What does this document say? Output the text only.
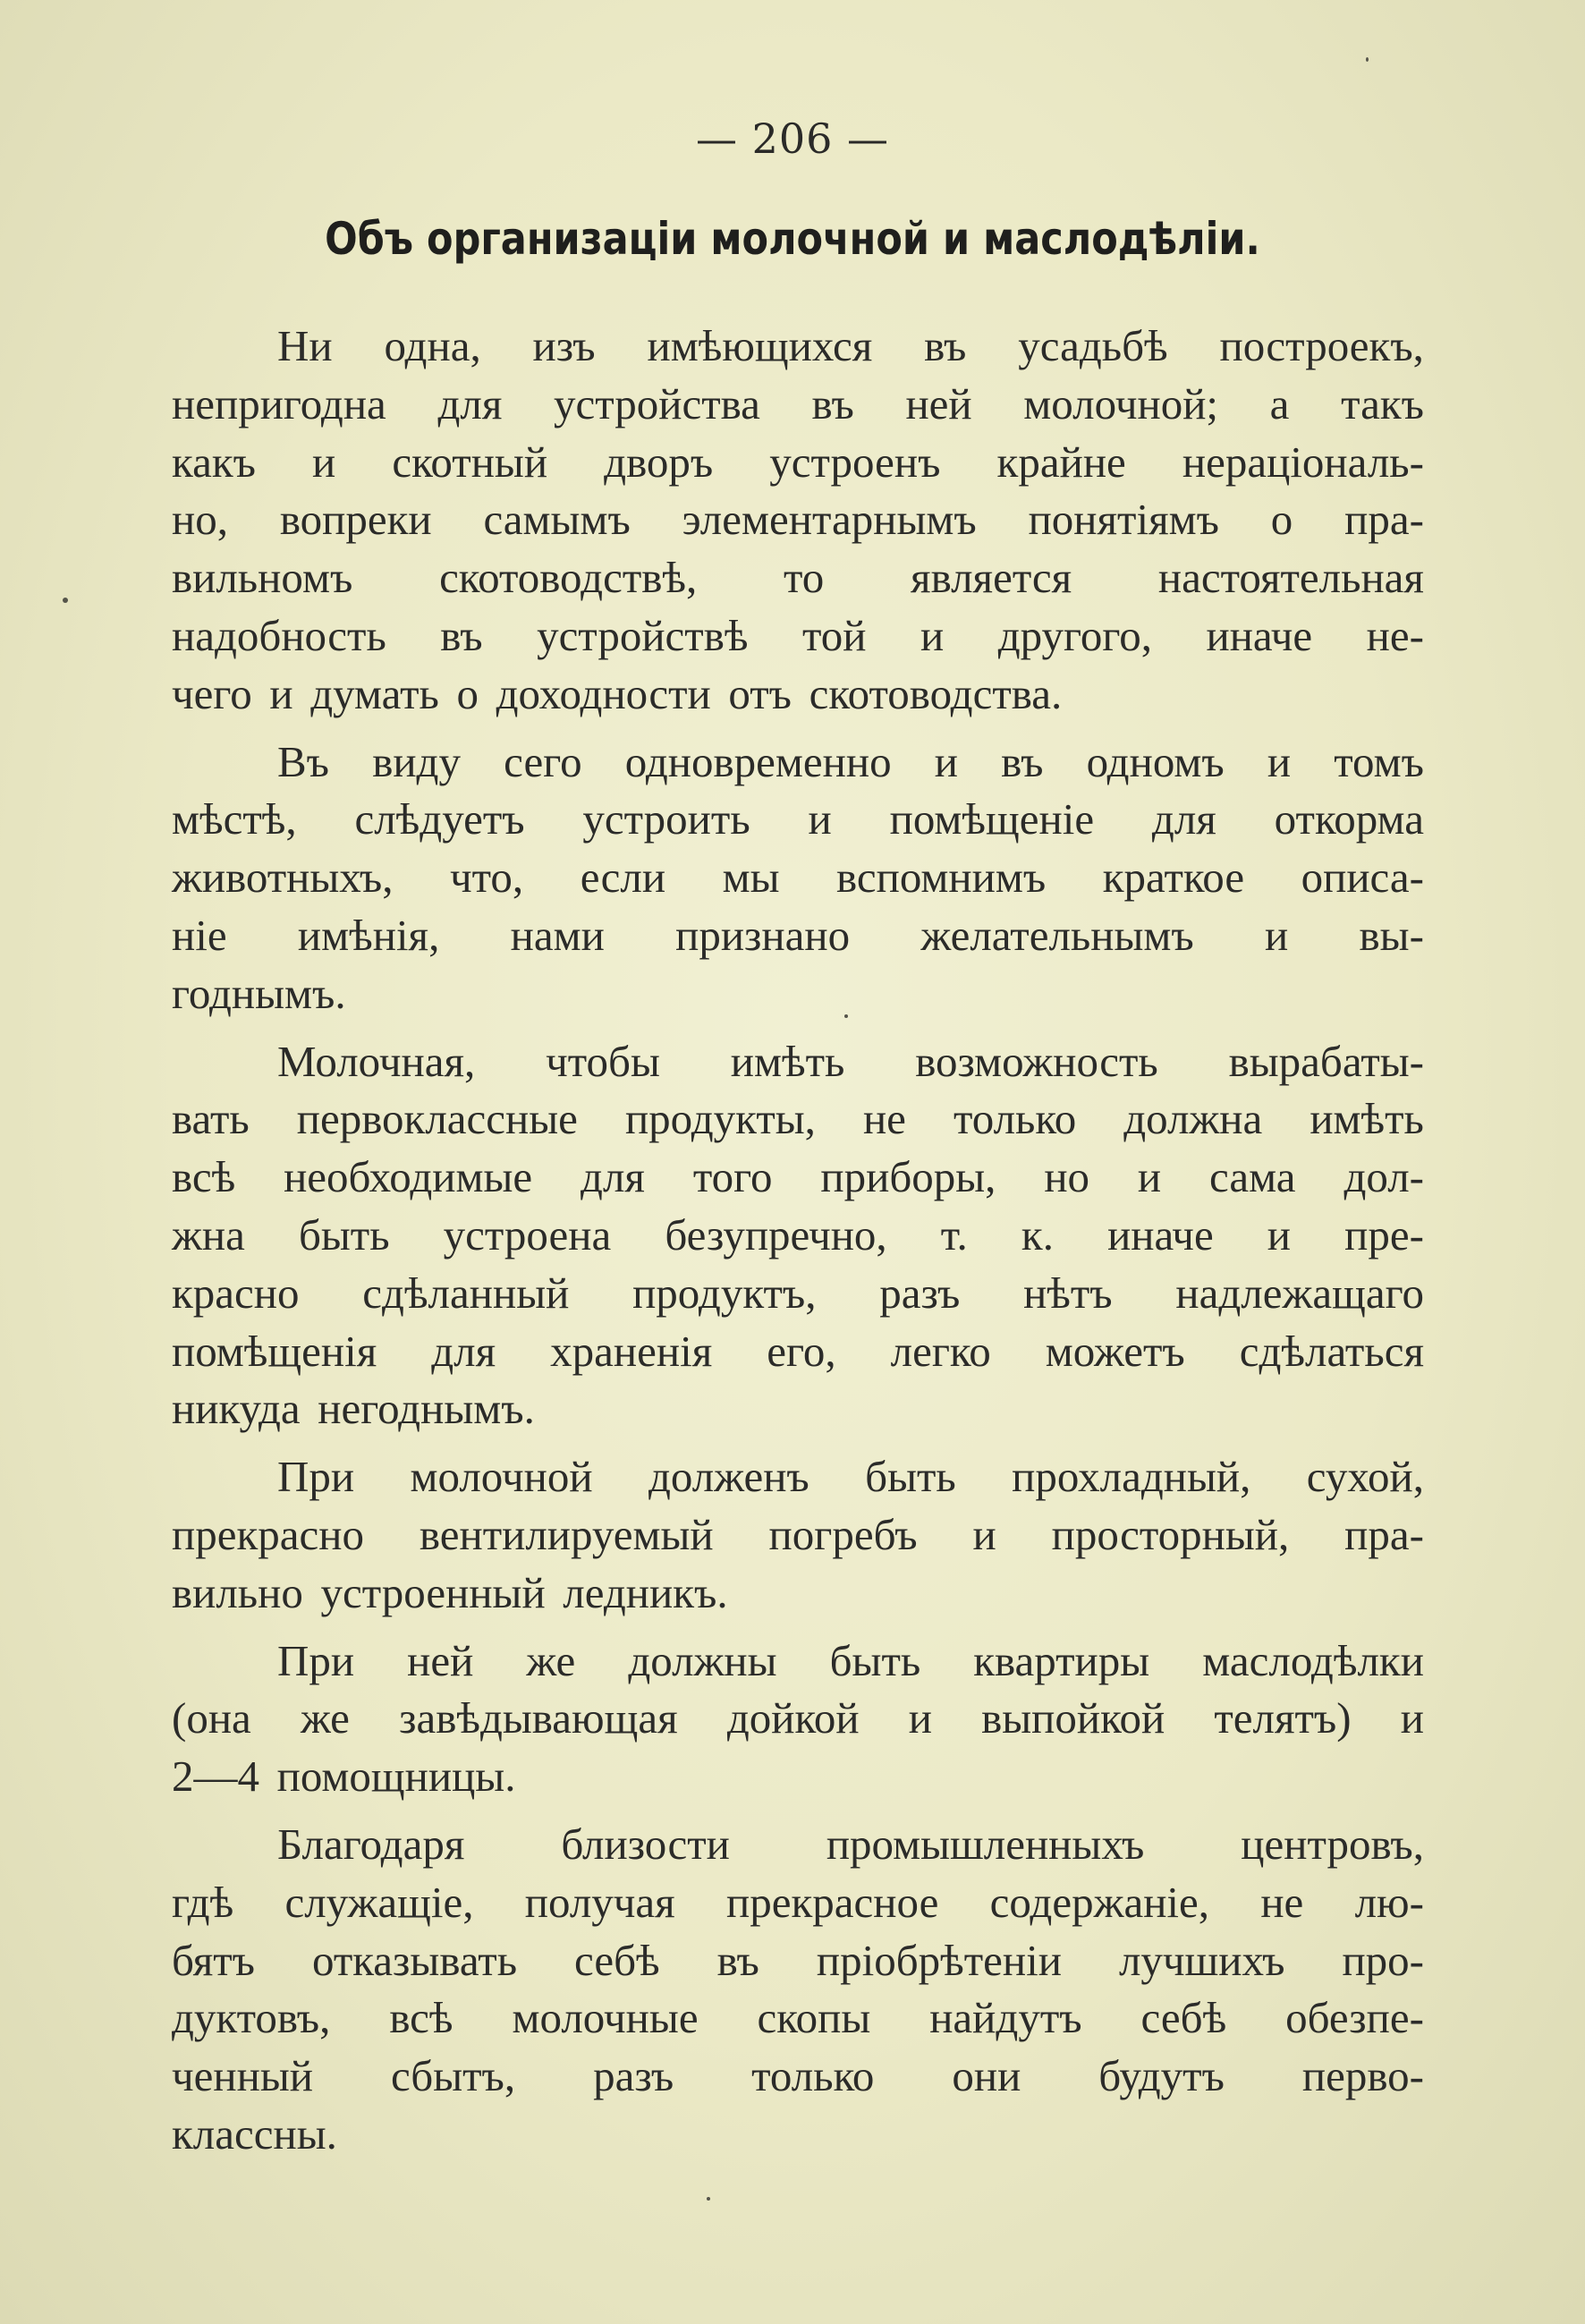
— 206 —
Объ организаціи молочной и маслодѣліи.
Ни одна, изъ имѣющихся въ усадьбѣ построекъ,
непригодна для устройства въ ней молочной; а такъ
какъ и скотный дворъ устроенъ крайне нераціональ-
но, вопреки самымъ элементарнымъ понятіямъ о пра-
вильномъ скотоводствѣ, то является настоятельная
надобность въ устройствѣ той и другого, иначе не-
чего и думать о доходности отъ скотоводства.
Въ виду сего одновременно и въ одномъ и томъ
мѣстѣ, слѣдуетъ устроить и помѣщеніе для откорма
животныхъ, что, если мы вспомнимъ краткое описа-
ніе имѣнія, нами признано желательнымъ и вы-
годнымъ.
Молочная, чтобы имѣть возможность вырабаты-
вать первоклассные продукты, не только должна имѣть
всѣ необходимые для того приборы, но и сама дол-
жна быть устроена безупречно, т. к. иначе и пре-
красно сдѣланный продуктъ, разъ нѣтъ надлежащаго
помѣщенія для храненія его, легко можетъ сдѣлаться
никуда негоднымъ.
При молочной долженъ быть прохладный, сухой,
прекрасно вентилируемый погребъ и просторный, пра-
вильно устроенный ледникъ.
При ней же должны быть квартиры маслодѣлки
(она же завѣдывающая дойкой и выпойкой телятъ) и
2—4 помощницы.
Благодаря близости промышленныхъ центровъ,
гдѣ служащіе, получая прекрасное содержаніе, не лю-
бятъ отказывать себѣ въ пріобрѣтеніи лучшихъ про-
дуктовъ, всѣ молочные скопы найдутъ себѣ обезпе-
ченный сбытъ, разъ только они будутъ перво-
классны.
